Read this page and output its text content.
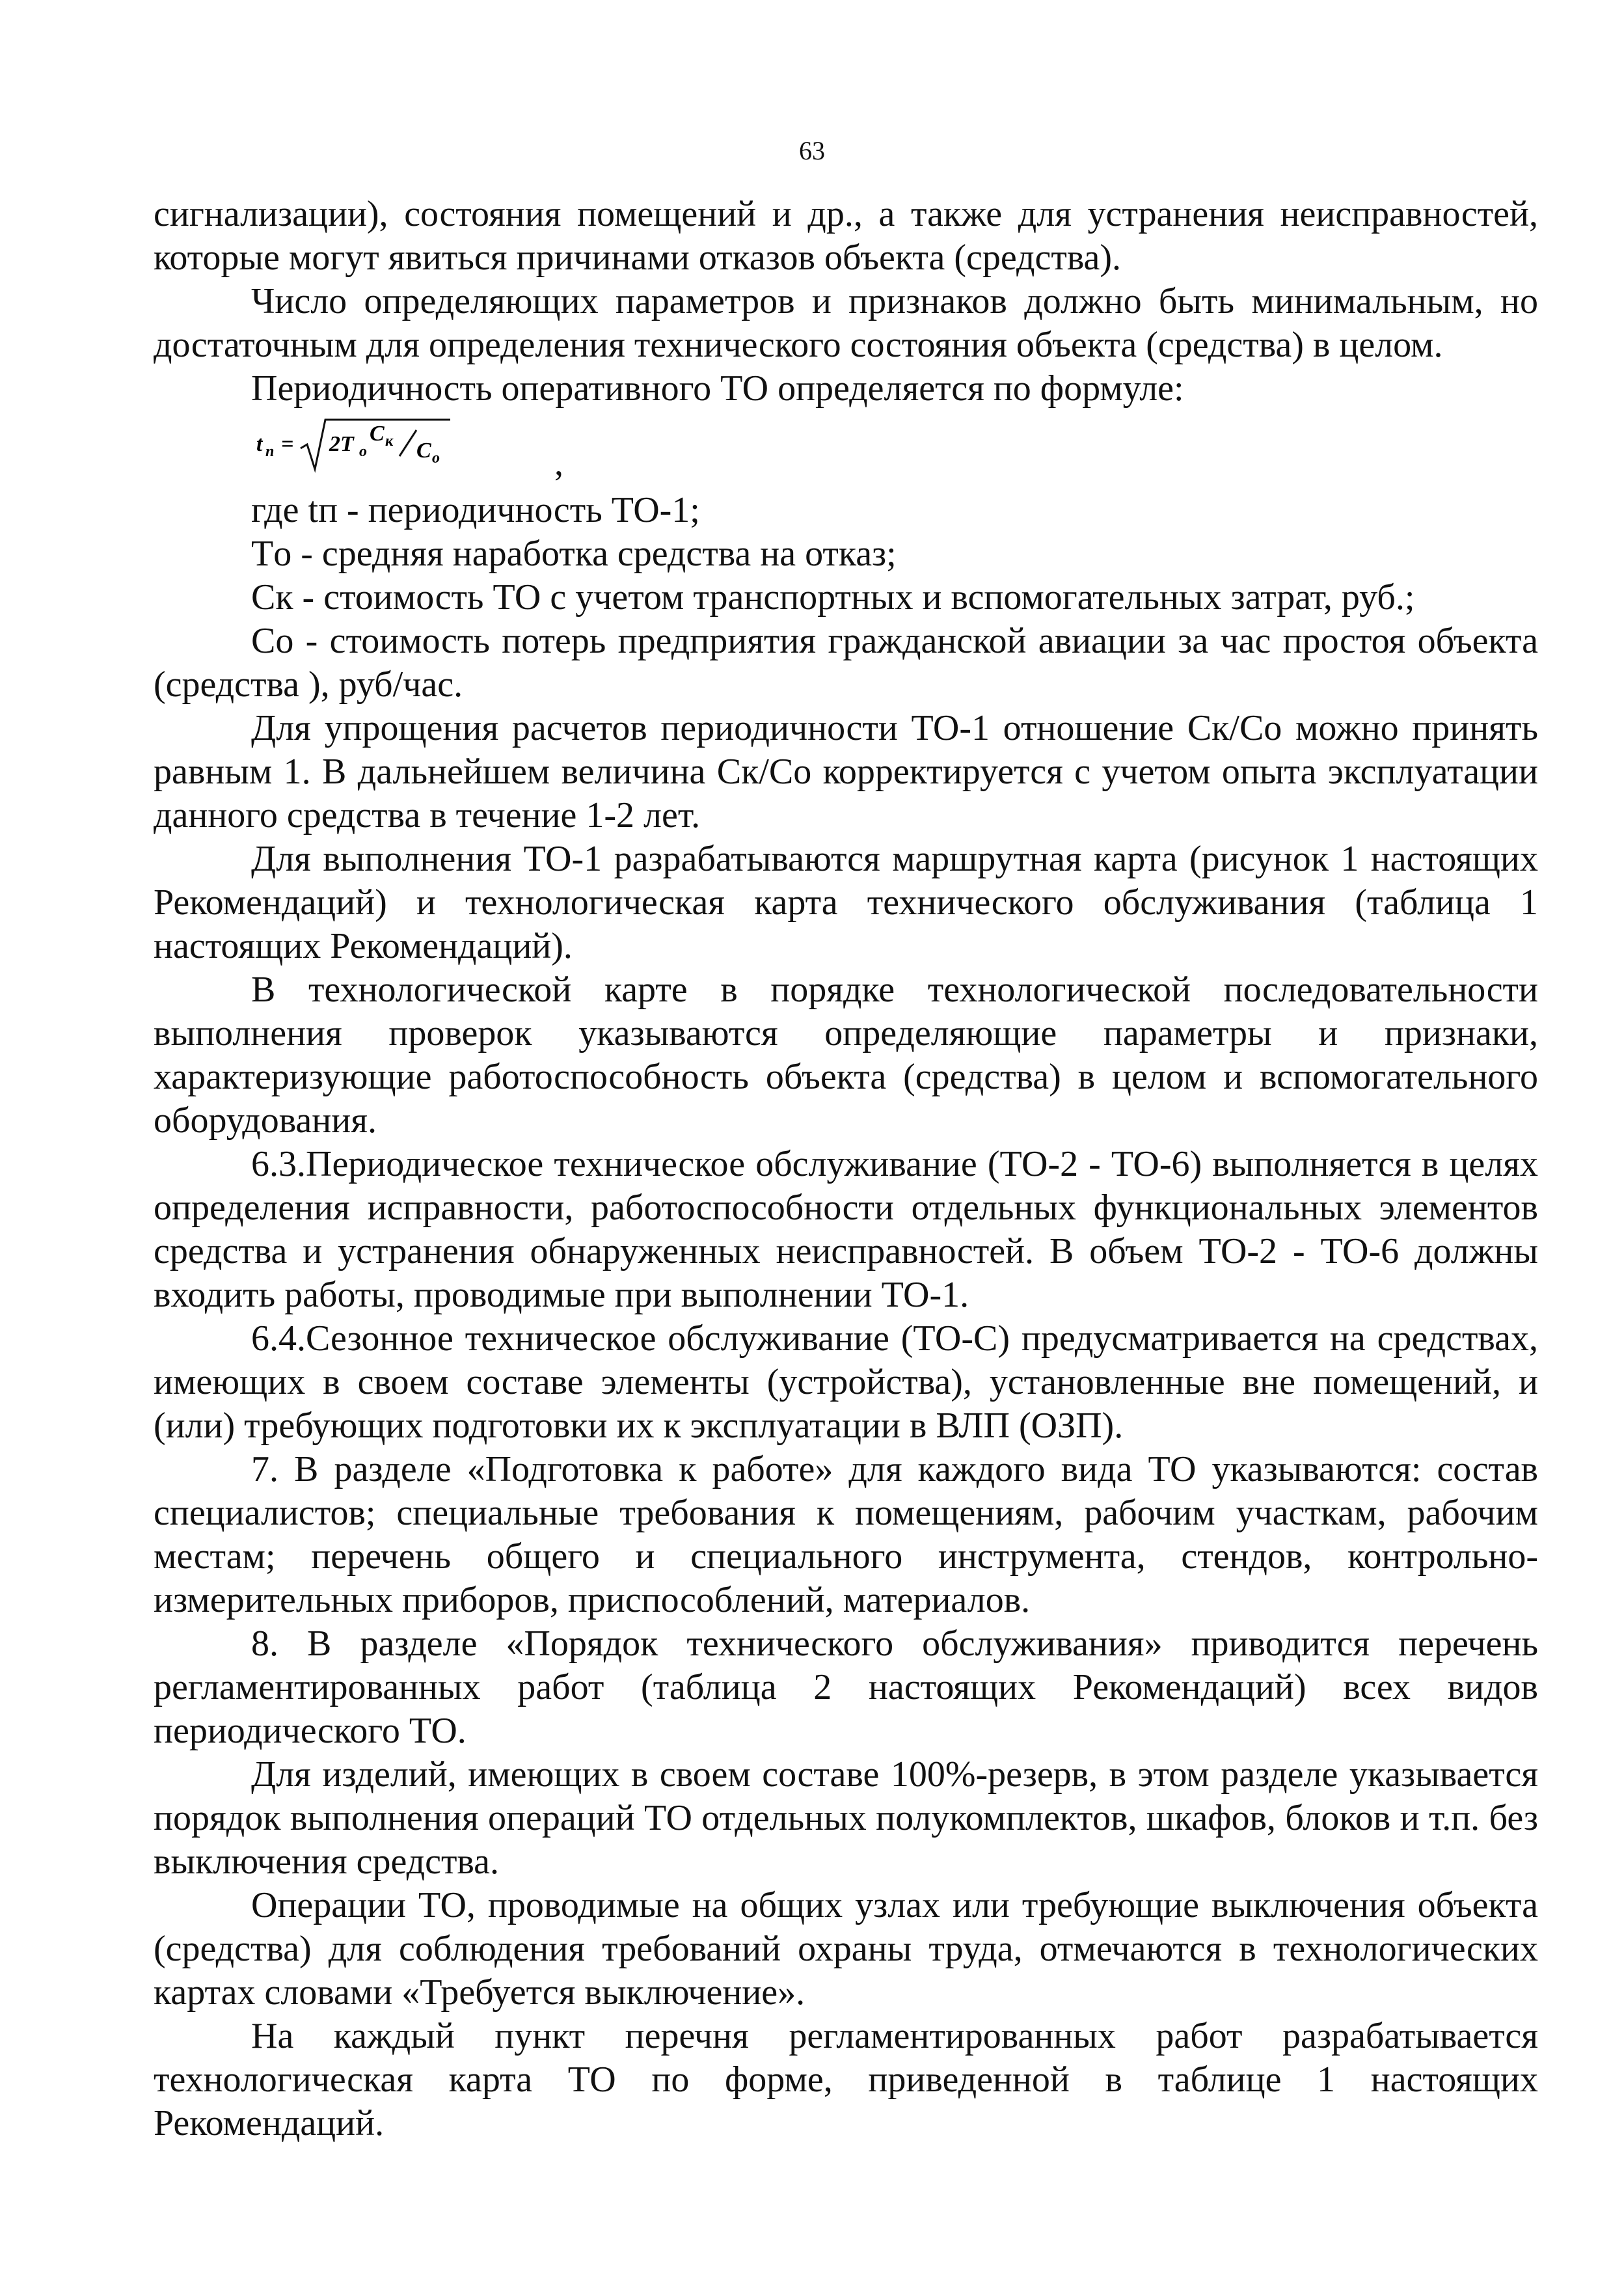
63

сигнализации), состояния помещений и др., а также для устранения неисправностей, которые могут явиться причинами отказов объекта (средства).

Число определяющих параметров и признаков должно быть минимальным, но достаточным для определения технического состояния объекта (средства) в целом.

Периодичность оперативного ТО определяется по формуле:

t п = 2T о
C к C о	,

где tп - периодичность ТО-1;

Tо - средняя наработка средства на отказ;

Cк - стоимость ТО с учетом транспортных и вспомогательных затрат, руб.;

Cо - стоимость потерь предприятия гражданской авиации за час простоя объекта (средства ), руб/час.

Для упрощения расчетов периодичности ТО-1 отношение Cк/Cо можно принять равным 1. В дальнейшем величина Cк/Cо корректируется с учетом опыта эксплуатации данного средства в течение 1-2 лет.

Для выполнения ТО-1 разрабатываются маршрутная карта (рисунок 1 настоящих Рекомендаций) и технологическая карта технического обслуживания (таблица 1 настоящих Рекомендаций).

В технологической карте в порядке технологической последовательности выполнения проверок указываются определяющие параметры и признаки, характеризующие работоспособность объекта (средства) в целом и вспомогательного оборудования.

6.3.Периодическое техническое обслуживание (ТО-2 - ТО-6) выполняется в целях определения исправности, работоспособности отдельных функциональных элементов средства и устранения обнаруженных неисправностей. В объем ТО-2 - ТО-6 должны входить работы, проводимые при выполнении ТО-1.

6.4.Сезонное техническое обслуживание (ТО-С) предусматривается на средствах, имеющих в своем составе элементы (устройства), установленные вне помещений, и (или) требующих подготовки их к эксплуатации в ВЛП (ОЗП).

7. В разделе «Подготовка к работе» для каждого вида ТО указываются: состав специалистов; специальные требования к помещениям, рабочим участкам, рабочим местам; перечень общего и специального инструмента, стендов, контрольно-измерительных приборов, приспособлений, материалов.

8. В разделе «Порядок технического обслуживания» приводится перечень регламентированных работ (таблица 2 настоящих Рекомендаций) всех видов периодического ТО.

Для изделий, имеющих в своем составе 100%-резерв, в этом разделе указывается порядок выполнения операций ТО отдельных полукомплектов, шкафов, блоков и т.п. без выключения средства.

Операции ТО, проводимые на общих узлах или требующие выключения объекта (средства) для соблюдения требований охраны труда, отмечаются в технологических картах словами «Требуется выключение».

На каждый пункт перечня регламентированных работ разрабатывается технологическая карта ТО по форме, приведенной в таблице 1 настоящих Рекомендаций.
